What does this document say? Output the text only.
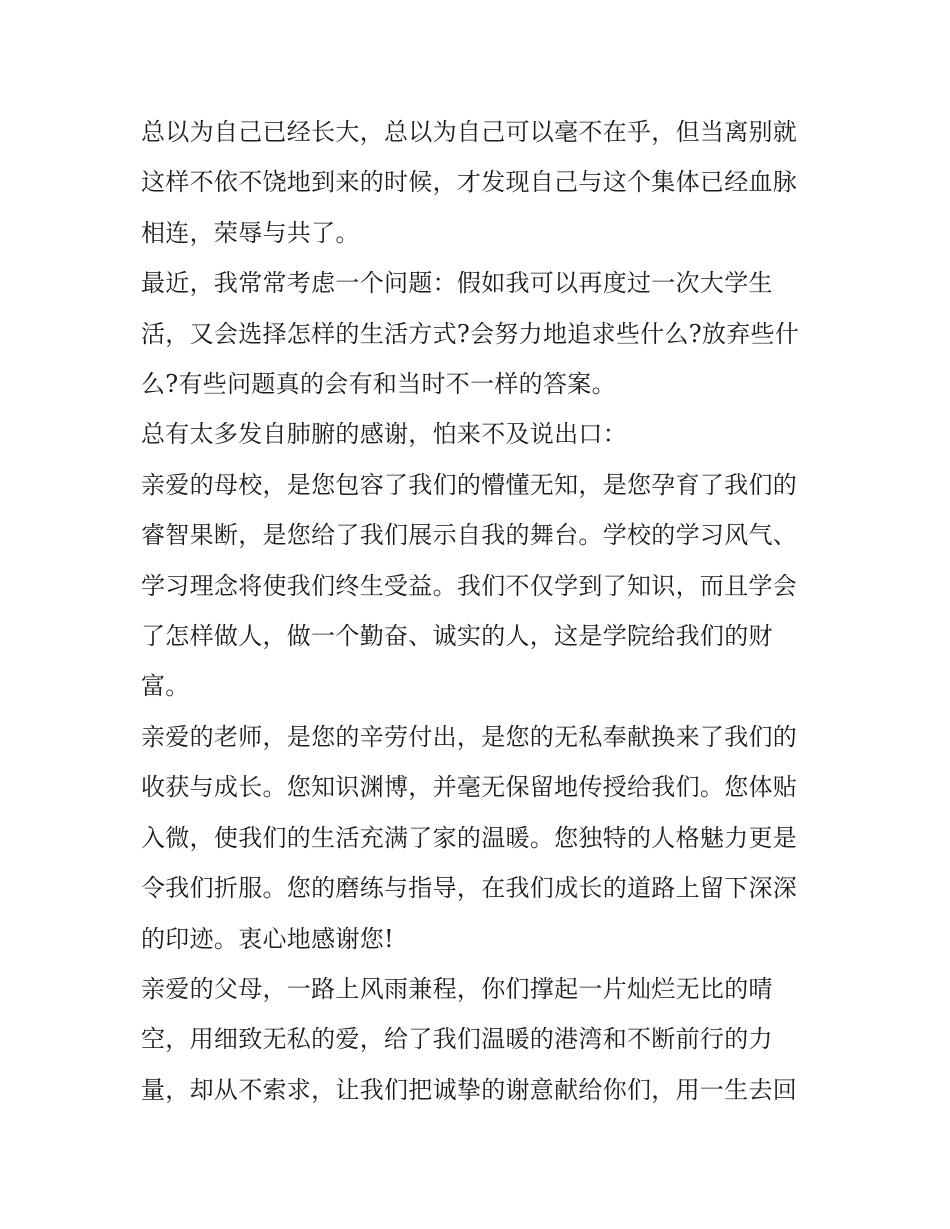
总以为自己已经长大，总以为自己可以毫不在乎，但当离别就这样不依不饶地到来的时候，才发现自己与这个集体已经血脉相连，荣辱与共了。

最近，我常常考虑一个问题：假如我可以再度过一次大学生活，又会选择怎样的生活方式?会努力地追求些什么?放弃些什么?有些问题真的会有和当时不一样的答案。

总有太多发自肺腑的感谢，怕来不及说出口：

亲爱的母校，是您包容了我们的懵懂无知，是您孕育了我们的睿智果断，是您给了我们展示自我的舞台。学校的学习风气、学习理念将使我们终生受益。我们不仅学到了知识，而且学会了怎样做人，做一个勤奋、诚实的人，这是学院给我们的财富。

亲爱的老师，是您的辛劳付出，是您的无私奉献换来了我们的收获与成长。您知识渊博，并毫无保留地传授给我们。您体贴入微，使我们的生活充满了家的温暖。您独特的人格魅力更是令我们折服。您的磨练与指导，在我们成长的道路上留下深深的印迹。衷心地感谢您!

亲爱的父母，一路上风雨兼程，你们撑起一片灿烂无比的晴空，用细致无私的爱，给了我们温暖的港湾和不断前行的力量，却从不索求，让我们把诚挚的谢意献给你们，用一生去回
